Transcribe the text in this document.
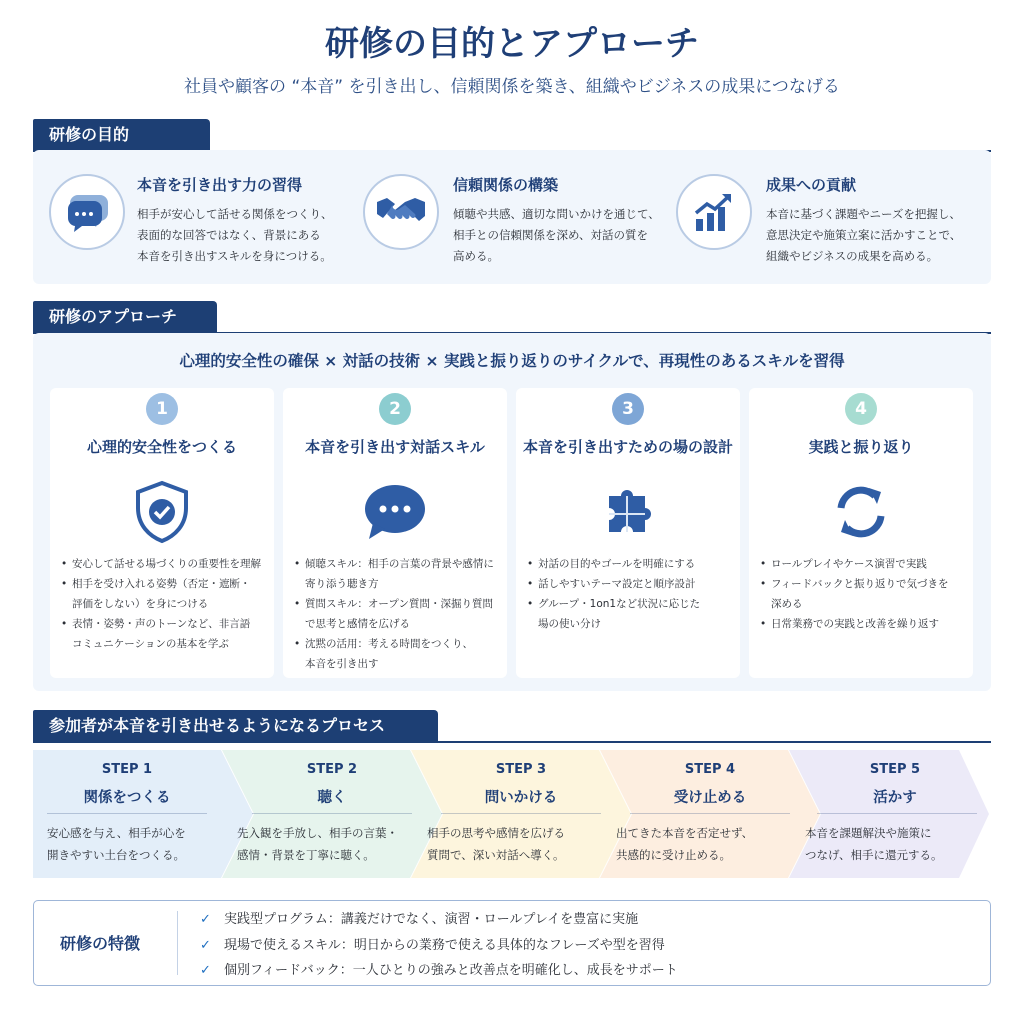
研修の目的とアプローチ
社員や顧客の “本音” を引き出し、信頼関係を築き、組織やビジネスの成果につなげる
研修の目的
本音を引き出す力の習得
相手が安心して話せる関係をつくり、
表面的な回答ではなく、背景にある
本音を引き出すスキルを身につける。
信頼関係の構築
傾聴や共感、適切な問いかけを通じて、
相手との信頼関係を深め、対話の質を
高める。
成果への貢献
本音に基づく課題やニーズを把握し、
意思決定や施策立案に活かすことで、
組織やビジネスの成果を高める。
研修のアプローチ
心理的安全性の確保 × 対話の技術 × 実践と振り返りのサイクルで、再現性のあるスキルを習得
1
心理的安全性をつくる
• 安心して話せる場づくりの重要性を理解
• 相手を受け入れる姿勢（否定・遮断・
評価をしない）を身につける
• 表情・姿勢・声のトーンなど、非言語
コミュニケーションの基本を学ぶ
2
本音を引き出す対話スキル
• 傾聴スキル：相手の言葉の背景や感情に
寄り添う聴き方
• 質問スキル：オープン質問・深掘り質問
で思考と感情を広げる
• 沈黙の活用：考える時間をつくり、
本音を引き出す
3
本音を引き出すための場の設計
• 対話の目的やゴールを明確にする
• 話しやすいテーマ設定と順序設計
• グループ・1on1など状況に応じた
場の使い分け
4
実践と振り返り
• ロールプレイやケース演習で実践
• フィードバックと振り返りで気づきを
深める
• 日常業務での実践と改善を繰り返す
参加者が本音を引き出せるようになるプロセス
STEP 1
関係をつくる
安心感を与え、相手が心を
開きやすい土台をつくる。
STEP 2
聴く
先入観を手放し、相手の言葉・
感情・背景を丁寧に聴く。
STEP 3
問いかける
相手の思考や感情を広げる
質問で、深い対話へ導く。
STEP 4
受け止める
出てきた本音を否定せず、
共感的に受け止める。
STEP 5
活かす
本音を課題解決や施策に
つなげ、相手に還元する。
研修の特徴
✓	実践型プログラム：講義だけでなく、演習・ロールプレイを豊富に実施
✓	現場で使えるスキル：明日からの業務で使える具体的なフレーズや型を習得
✓	個別フィードバック：一人ひとりの強みと改善点を明確化し、成長をサポート
